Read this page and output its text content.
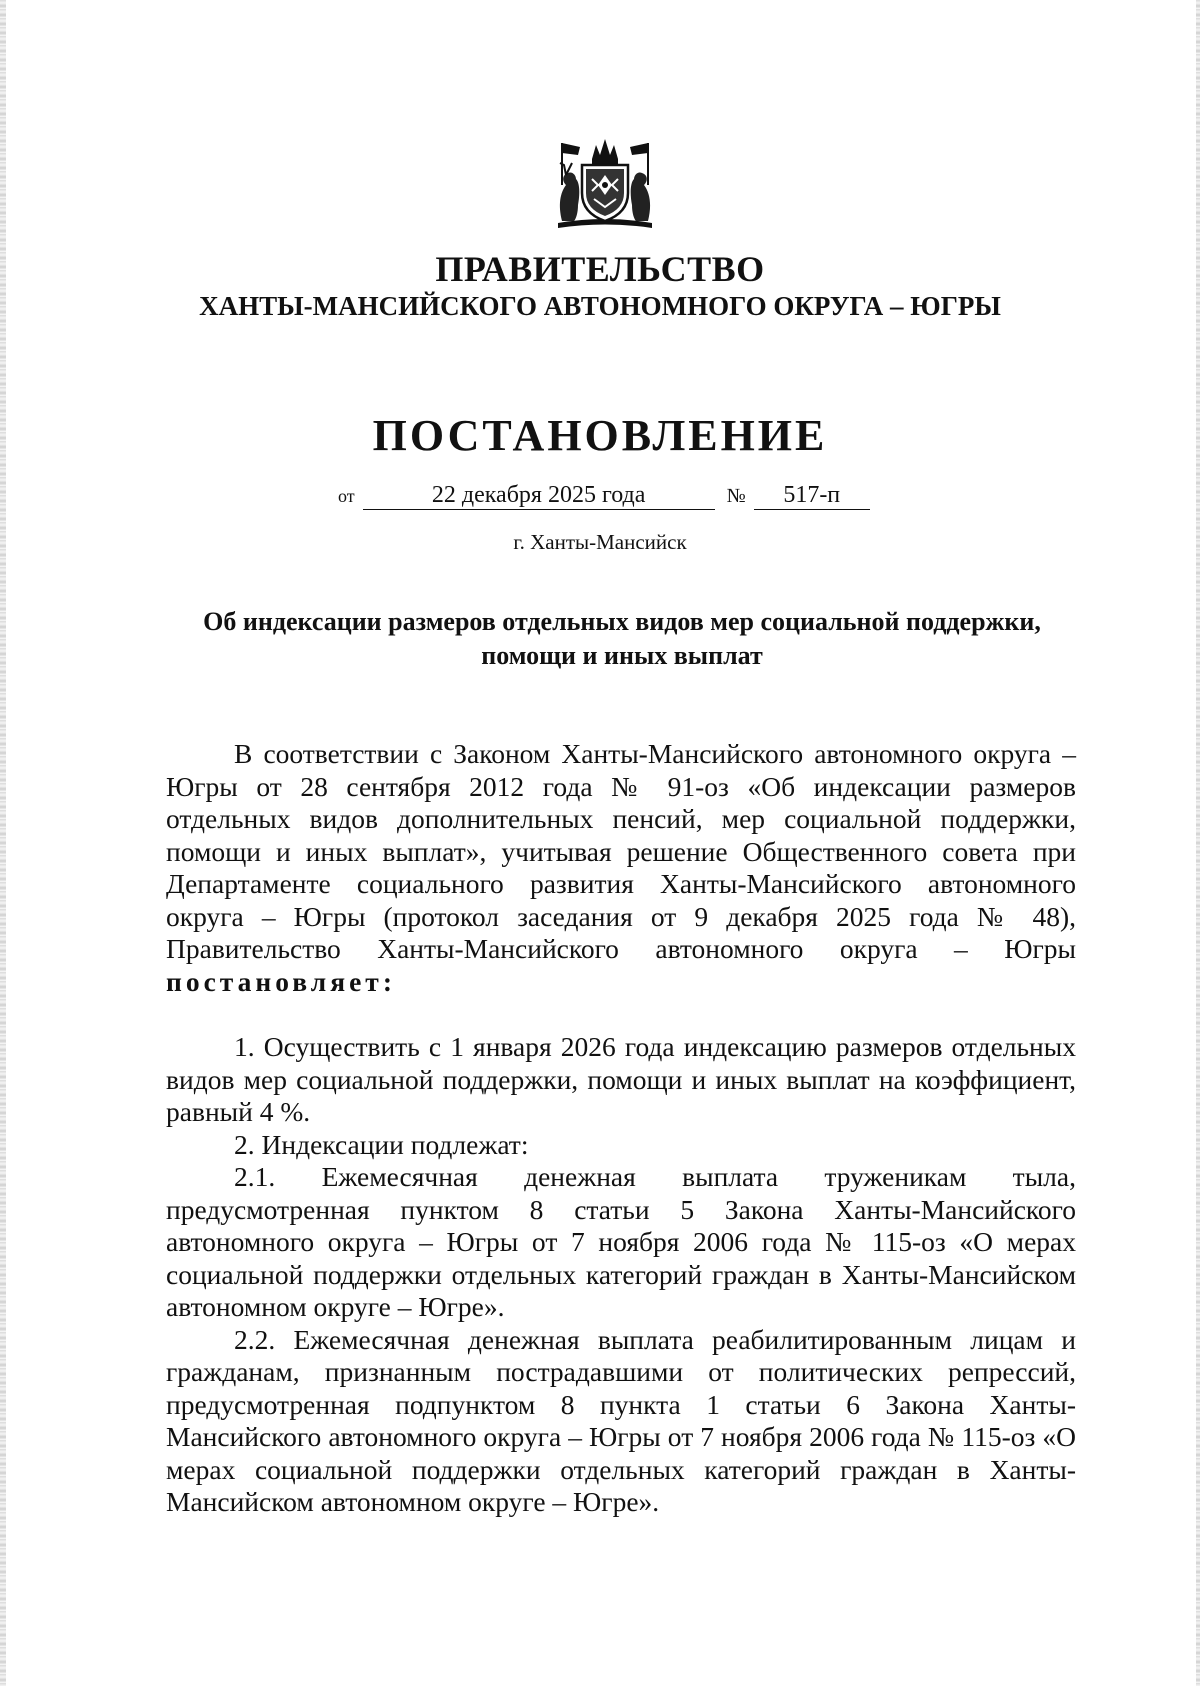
ПРАВИТЕЛЬСТВО
ХАНТЫ-МАНСИЙСКОГО АВТОНОМНОГО ОКРУГА – ЮГРЫ
ПОСТАНОВЛЕНИЕ
от	22 декабря 2025 года	№ 517-п
г. Ханты-Мансийск
Об индексации размеров отдельных видов мер социальной поддержки, помощи и иных выплат

В соответствии с Законом Ханты-Мансийского автономного округа – Югры от 28 сентября 2012 года № 91-оз «Об индексации размеров отдельных видов дополнительных пенсий, мер социальной поддержки, помощи и иных выплат», учитывая решение Общественного совета при Департаменте социального развития Ханты-Мансийского автономного округа – Югры (протокол заседания от 9 декабря 2025 года № 48), Правительство Ханты-Мансийского автономного округа – Югры постановляет:

1. Осуществить с 1 января 2026 года индексацию размеров отдельных видов мер социальной поддержки, помощи и иных выплат на коэффициент, равный 4 %.

2. Индексации подлежат:

2.1. Ежемесячная денежная выплата труженикам тыла, предусмотренная пунктом 8 статьи 5 Закона Ханты-Мансийского автономного округа – Югры от 7 ноября 2006 года № 115-оз «О мерах социальной поддержки отдельных категорий граждан в Ханты-Мансийском автономном округе – Югре».

2.2. Ежемесячная денежная выплата реабилитированным лицам и гражданам, признанным пострадавшими от политических репрессий, предусмотренная подпунктом 8 пункта 1 статьи 6 Закона Ханты-Мансийского автономного округа – Югры от 7 ноября 2006 года № 115-оз «О мерах социальной поддержки отдельных категорий граждан в Ханты-Мансийском автономном округе – Югре».
